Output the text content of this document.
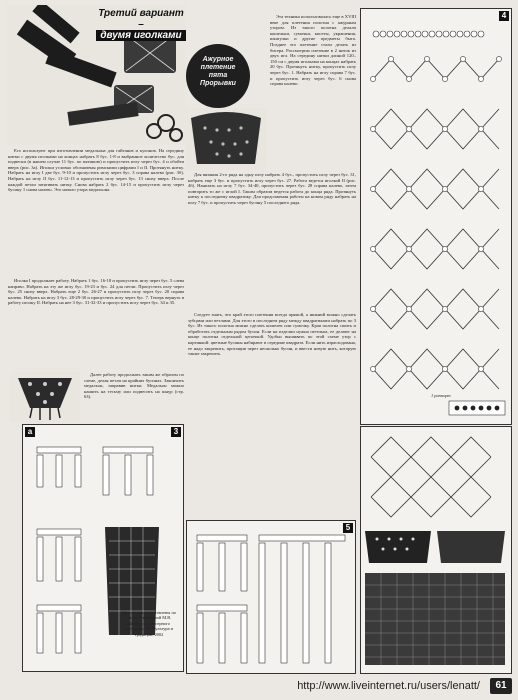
Третий вариант –
двумя иголками

Его используют при изготовлении медальона для гайтанов и кулонов. На середину нитки с двумя иголками на концах набрать 8 бус. 1-8 и выбранное количество бус. для подвески (в нашем случае 11 бус. по пятиною) и пропустить иглу через бус. 4 и обойти вверх (рис. 3а). Иголки условно обозначены римскими цифрами I и II. Протянуть нитку. Набрать на иглу I две бус. 9-10 и пропустить иглу через бус. 3 справа налево (рис. 3б). Набрать на иглу II бус. 11-12-13 и пропустить иглу через бус. 13 снизу вверх. После каждой петли затягивать нитку. Снова набрать 2 бус. 14-15 и пропустить иглу через бусину 1 снова налево. Это начало узора медальона.

Иголка I продолжает работу. Набрать 1 бус. 16-18 и пропустить иглу через бус. 5 слева направо. Набрать на эту же иглу бус. 19-23 и бус. 24 для петли. Пропустить иглу через бус. 25 снизу вверх. Набрать еще 2 бус. 26-27 и пропустить иглу через бус. 20 справа налево. Набрать на иглу 3 бус. 28-29-30 и пропустить иглу через бус. 7. Теперь вернуть в работу иголку II. Набрать на нее 3 бус. 31-32-33 и пропустить иглу через бус. 34 и 35.

Далее работу продолжать таким же образом по схеме, делая петли на крайних бусинах. Закончить медальон, заправив нитки. Медальон можно нашить на тесьму или подвесить на шнур (стр. 63).

Ажурное
плетение
пята
Прорывки

Эта техника использовалась еще в XVIII веке для плетения полотна с ажурным узором. Из такого полотна делали кошельки, сумочки, кисеты, украшения, шкатулки и другие предметы быта. Позднее это плетение стали делать из бисера. Рассмотрим плетение в 2 ниток из двух игл. На середину нитки длиной 120–150 см с двумя иголками на концах набрать 20 бус. Протянуть нитку, пропустить иглу через бус. 1. Набрать на иглу справа 7 бус. и пропустить иглу через бус. 6 снова справа налево.

Для вязания 2-го ряда на одну иглу набрать 4 бус., пропустить иглу через бус. 31, набрать еще 3 бус. и пропустить иглу через бус. 27. Работа ведется иголкой II (рис. 4б). Нанизать на иглу 7 бус. 34-40, пропустить через бус. 28 справа налево, затем повторить то же с иглой I. Таким образом ведется работа до конца ряда. Протянуть нитку к последнему квадратику. Для продолжения работы на новом ряду набрать на иглу 7 бус. и пропустить через бусину 5 последнего ряда.

Следует знать, что край этого плетения всегда прямой, а нижний можно сделать зубцами или петлями. Для этого в последнем ряду между квадратиками набрать по 3 бус. Из такого полотна можно сделать кошелек или сумочку. Края полотна сшить и обработать отдельным рядом бусин. Если на изделии нужна петелька, ее делают на конце полотна отдельной цепочкой. Удобно вышивать по этой схеме узор с картинкой: цветные бусины набирают в середине квадрата. Если нить израсходована, ее надо закрепить, протащив через несколько бусин, и ввести новую нить, которую также закрепить.

4
1 раппорт
а	3
Материалы подготовлены по книге Анфиминой М.В. «Искусство бисерного плетения» М.: Культура и традиции, 2002
5
http://www.liveinternet.ru/users/lenatt/	61
